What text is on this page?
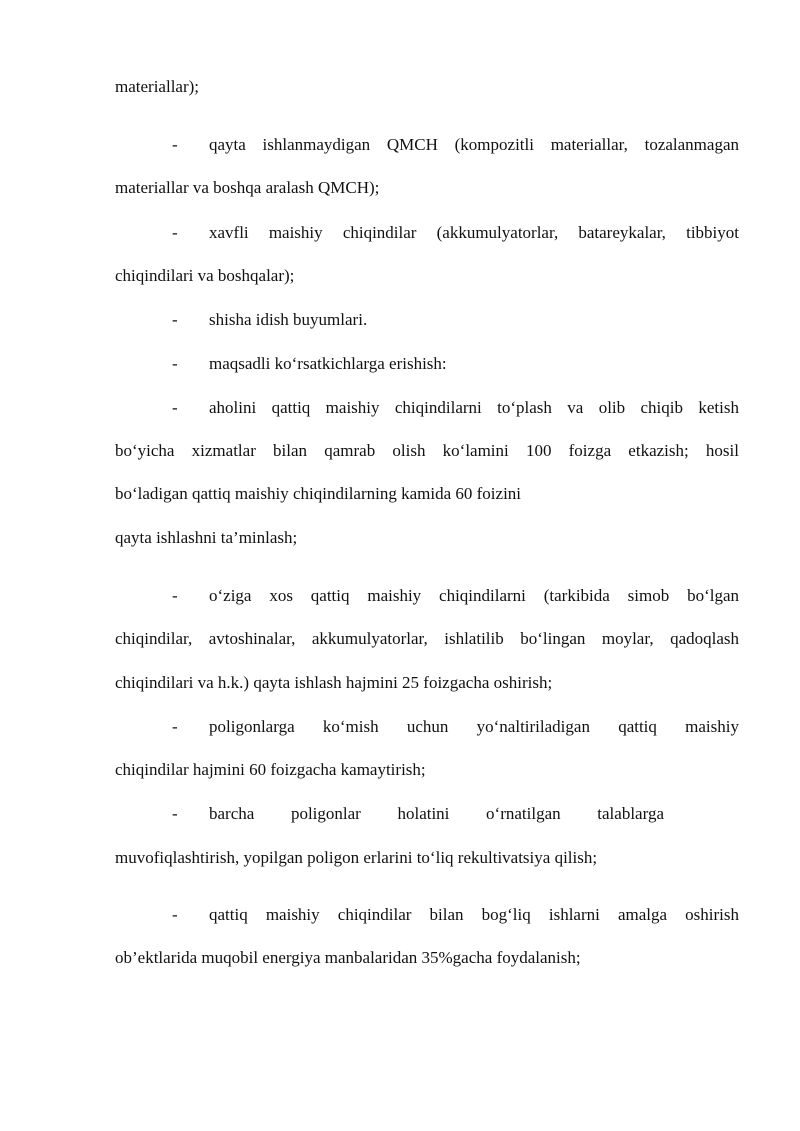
materiallar);
- qayta ishlanmaydigan QMCH (kompozitli materiallar, tozalanmagan
materiallar va boshqa aralash QMCH);
- xavfli maishiy chiqindilar (akkumulyatorlar, batareykalar, tibbiyot
chiqindilari va boshqalar);
- shisha idish buyumlari.
- maqsadli koʻrsatkichlarga erishish:
- aholini qattiq maishiy chiqindilarni toʻplash va olib chiqib ketish
boʻyicha xizmatlar bilan qamrab olish koʻlamini 100 foizga etkazish; hosil
boʻladigan qattiq maishiy chiqindilarning kamida 60 foizini
qayta ishlashni ta’minlash;
- oʻziga xos qattiq maishiy chiqindilarni (tarkibida simob boʻlgan
chiqindilar, avtoshinalar, akkumulyatorlar, ishlatilib boʻlingan moylar, qadoqlash
chiqindilari va h.k.) qayta ishlash hajmini 25 foizgacha oshirish;
- poligonlarga koʻmish uchun yoʻnaltiriladigan qattiq maishiy
chiqindilar hajmini 60 foizgacha kamaytirish;
- barcha poligonlar holatini oʻrnatilgan talablarga
muvofiqlashtirish, yopilgan poligon erlarini toʻliq rekultivatsiya qilish;
- qattiq maishiy chiqindilar bilan bogʻliq ishlarni amalga oshirish
ob’ektlarida muqobil energiya manbalaridan 35%gacha foydalanish;
